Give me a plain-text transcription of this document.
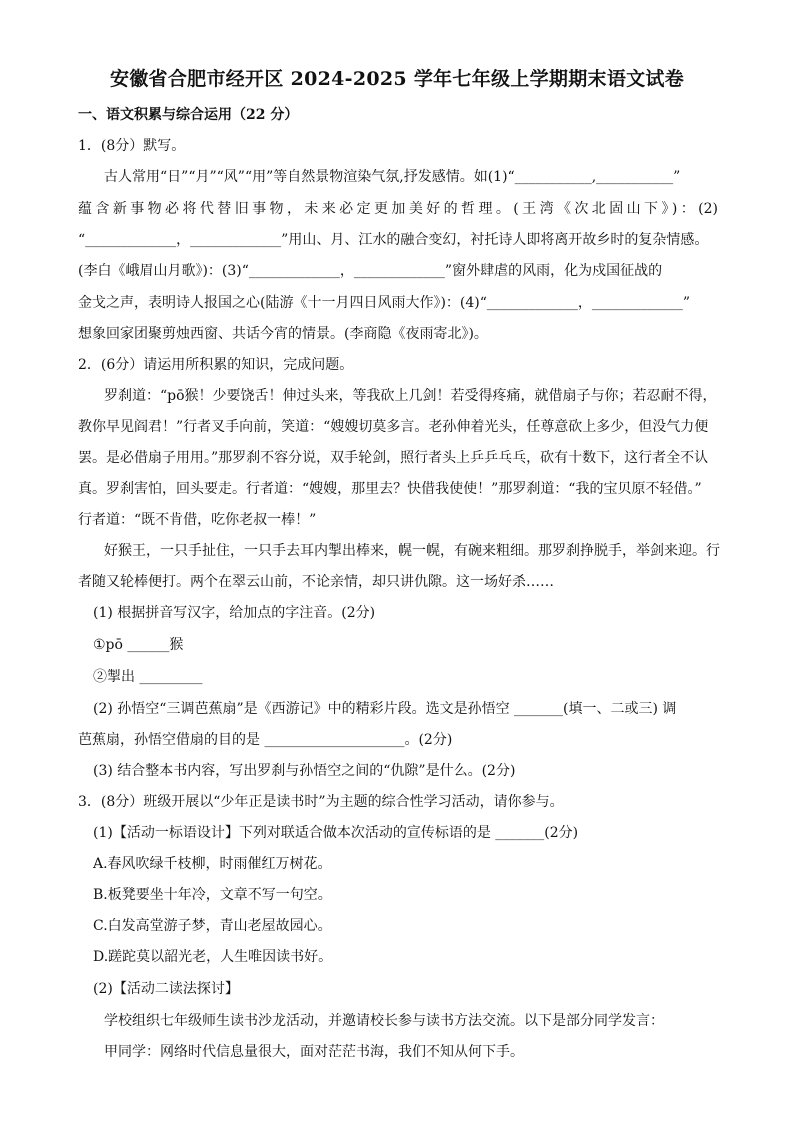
安徽省合肥市经开区 2024-2025 学年七年级上学期期末语文试卷
一、语文积累与综合运用（22 分）
1．(8分）默写。
古人常用“日”“月”“风”“用”等自然景物渲染气氛,抒发感情。如(1)“___________,___________”
蕴含新事物必将代替旧事物，未来必定更加美好的哲理。(王湾《次北固山下》)：(2)
“_____________，_____________”用山、月、江水的融合变幻，衬托诗人即将离开故乡时的复杂情感。
(李白《峨眉山月歌》)：(3)“_____________，_____________”窗外肆虐的风雨，化为戍国征战的
金戈之声，表明诗人报国之心(陆游《十一月四日风雨大作》)：(4)“_____________，_____________”
想象回家团聚剪烛西窗、共话今宵的情景。(李商隐《夜雨寄北》)。
2．(6分）请运用所积累的知识，完成问题。
罗刹道：“pō猴！少要饶舌！伸过头来，等我砍上几剑！若受得疼痛，就借扇子与你；若忍耐不得，
教你早见阎君！”行者叉手向前，笑道：“嫂嫂切莫多言。老孙伸着光头，任尊意砍上多少，但没气力便
罢。是必借扇子用用。”那罗刹不容分说，双手轮剑，照行者头上乒乒乓乓，砍有十数下，这行者全不认
真。罗刹害怕，回头要走。行者道：“嫂嫂，那里去？快借我使使！”那罗刹道：“我的宝贝原不轻借。”
行者道：“既不肯借，吃你老叔一棒！”
好猴王，一只手扯住，一只手去耳内掣出棒来，幌一幌，有碗来粗细。那罗刹挣脱手，举剑来迎。行
者随又轮棒便打。两个在翠云山前，不论亲情，却只讲仇隙。这一场好杀……
(1) 根据拼音写汉字，给加点的字注音。(2分)
①pō ______猴
②掣出 _________
(2) 孙悟空“三调芭蕉扇”是《西游记》中的精彩片段。选文是孙悟空 _______(填一、二或三) 调
芭蕉扇，孙悟空借扇的目的是 ____________________。(2分)
(3) 结合整本书内容，写出罗刹与孙悟空之间的“仇隙”是什么。(2分)
3．(8分）班级开展以“少年正是读书时”为主题的综合性学习活动，请你参与。
(1)【活动一标语设计】下列对联适合做本次活动的宣传标语的是 _______(2分)
A.春风吹绿千枝柳，时雨催红万树花。
B.板凳要坐十年冷，文章不写一句空。
C.白发高堂游子梦，青山老屋故园心。
D.蹉跎莫以韶光老，人生唯因读书好。
(2)【活动二读法探讨】
学校组织七年级师生读书沙龙活动，并邀请校长参与读书方法交流。以下是部分同学发言：
甲同学：网络时代信息量很大，面对茫茫书海，我们不知从何下手。
